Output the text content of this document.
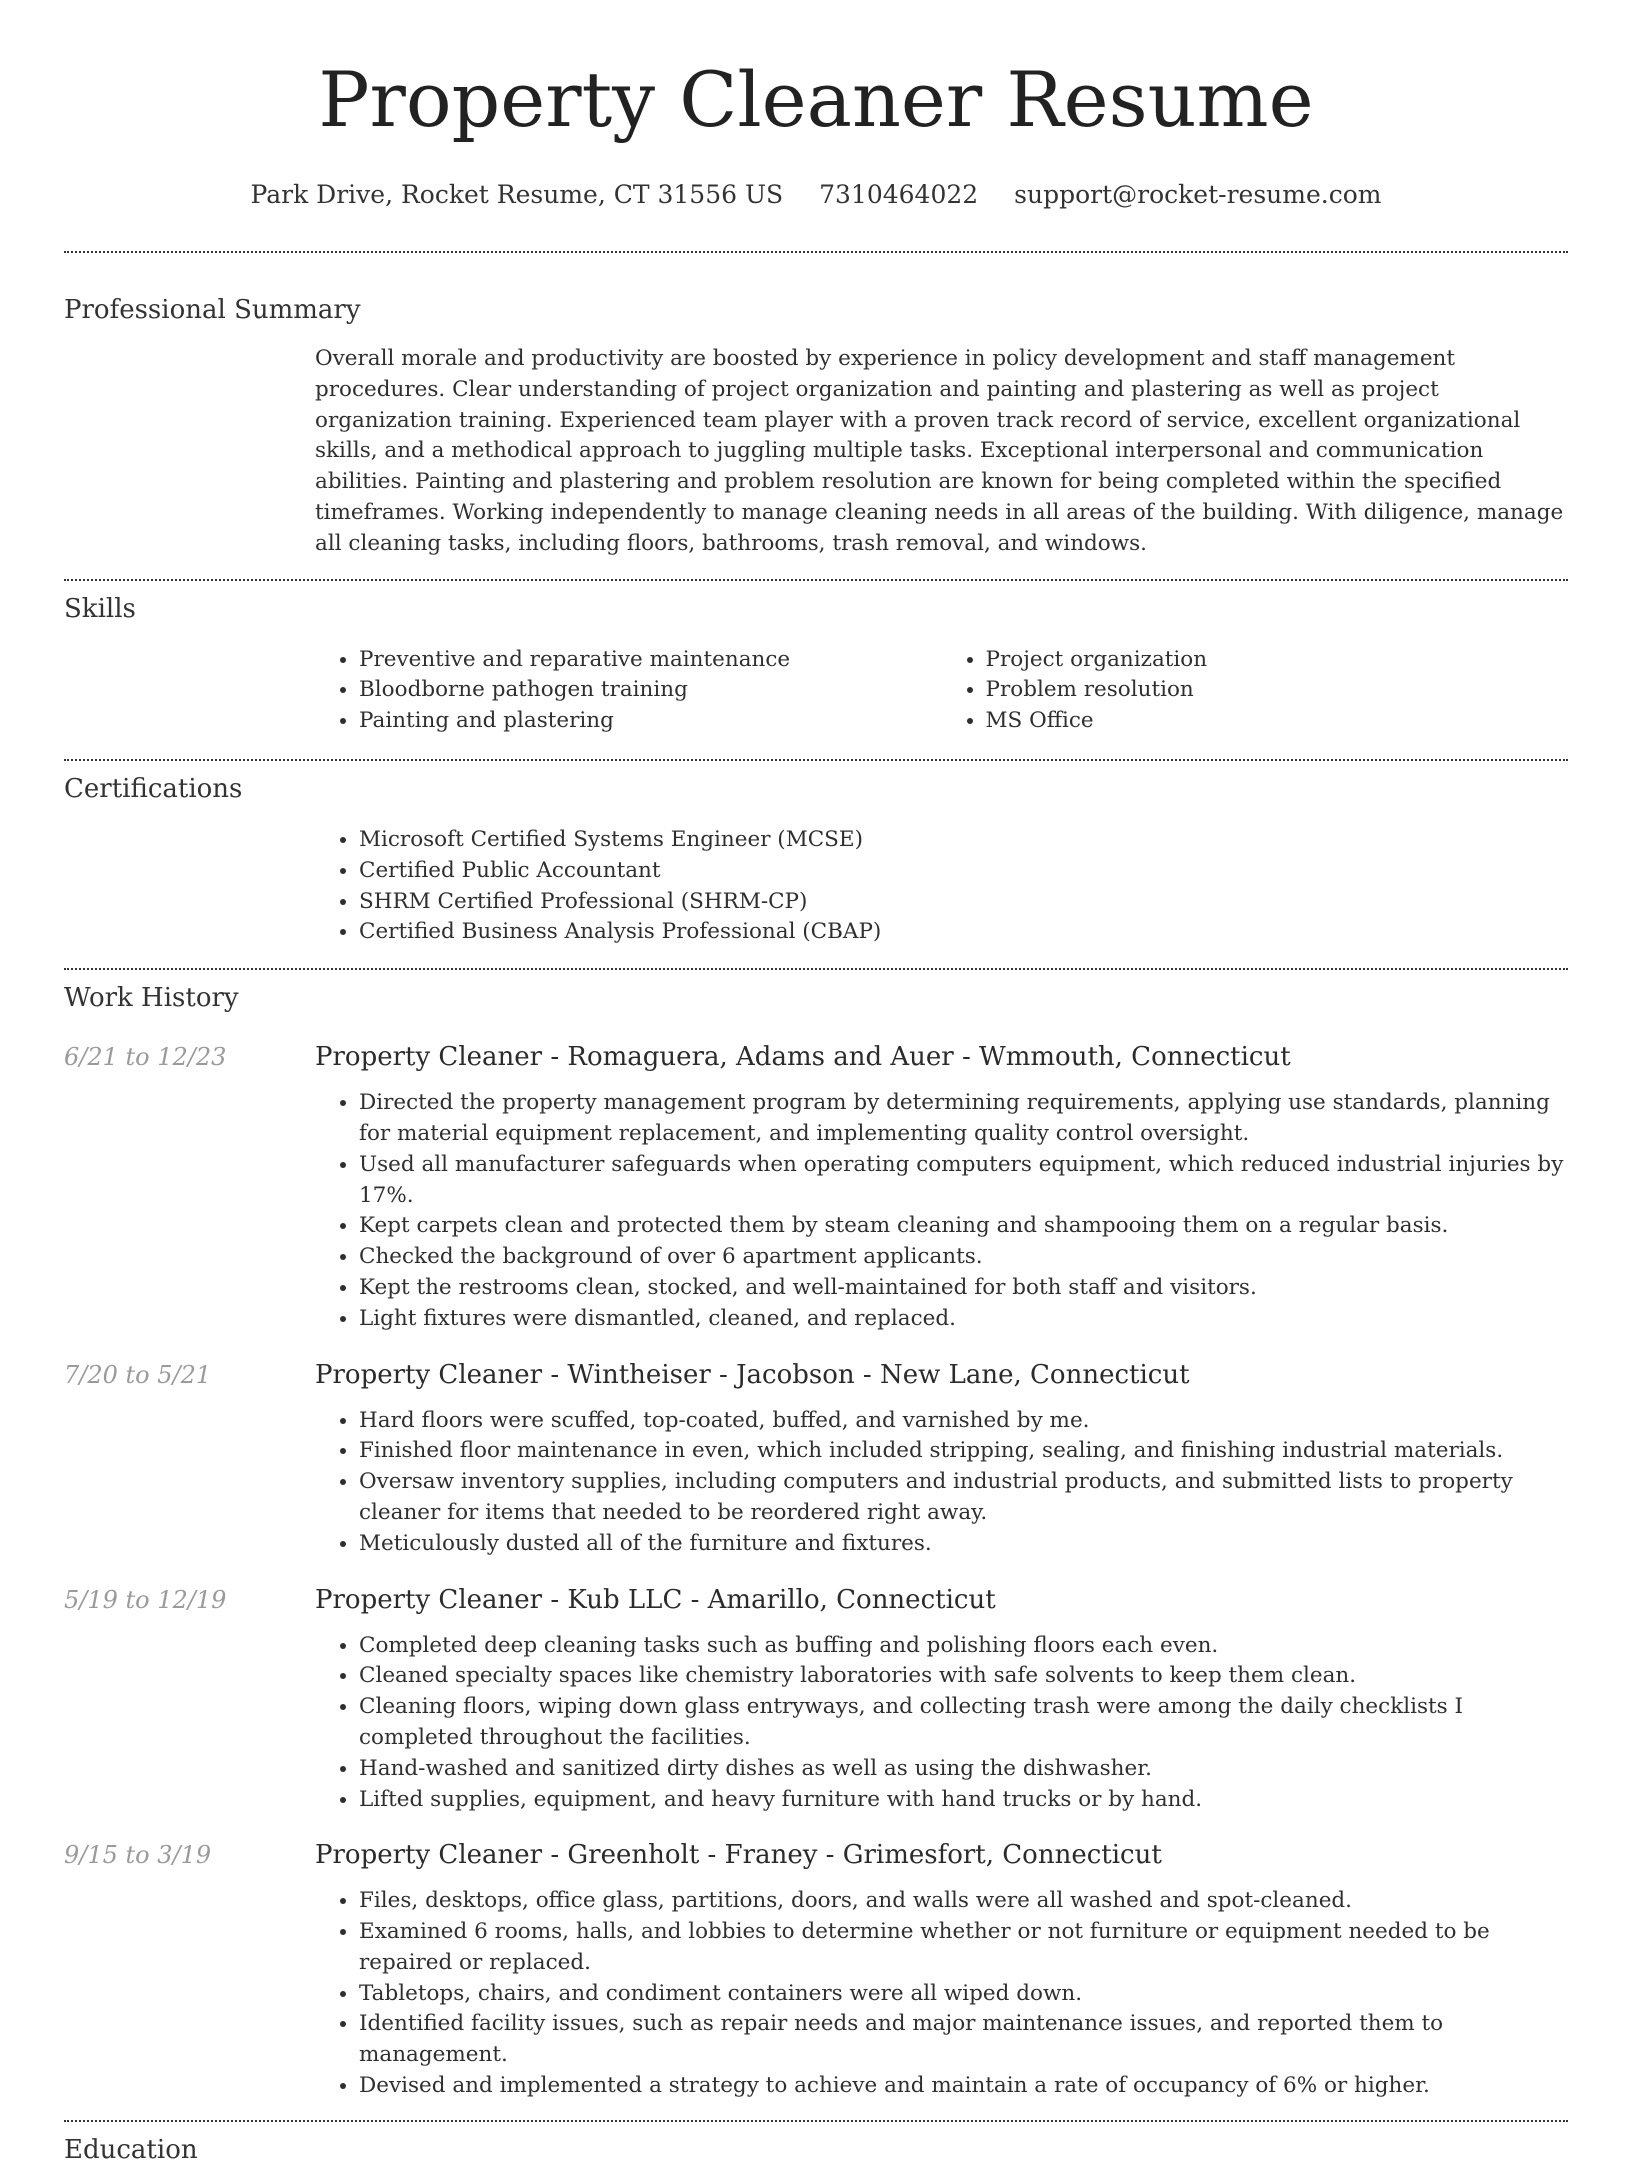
Property Cleaner Resume
Park Drive, Rocket Resume, CT 31556 US 7310464022 support@rocket-resume.com
Professional Summary
Overall morale and productivity are boosted by experience in policy development and staff management procedures. Clear understanding of project organization and painting and plastering as well as project organization training. Experienced team player with a proven track record of service, excellent organizational skills, and a methodical approach to juggling multiple tasks. Exceptional interpersonal and communication abilities. Painting and plastering and problem resolution are known for being completed within the specified timeframes. Working independently to manage cleaning needs in all areas of the building. With diligence, manage all cleaning tasks, including floors, bathrooms, trash removal, and windows.
Skills
• Preventive and reparative maintenance
• Bloodborne pathogen training
• Painting and plastering
• Project organization
• Problem resolution
• MS Office
Certifications
• Microsoft Certified Systems Engineer (MCSE)
• Certified Public Accountant
• SHRM Certified Professional (SHRM-CP)
• Certified Business Analysis Professional (CBAP)
Work History
6/21 to 12/23	Property Cleaner - Romaguera, Adams and Auer - Wmmouth, Connecticut
• Directed the property management program by determining requirements, applying use standards, planning for material equipment replacement, and implementing quality control oversight.
• Used all manufacturer safeguards when operating computers equipment, which reduced industrial injuries by 17%.
• Kept carpets clean and protected them by steam cleaning and shampooing them on a regular basis.
• Checked the background of over 6 apartment applicants.
• Kept the restrooms clean, stocked, and well-maintained for both staff and visitors.
• Light fixtures were dismantled, cleaned, and replaced.
7/20 to 5/21	Property Cleaner - Wintheiser - Jacobson - New Lane, Connecticut
• Hard floors were scuffed, top-coated, buffed, and varnished by me.
• Finished floor maintenance in even, which included stripping, sealing, and finishing industrial materials.
• Oversaw inventory supplies, including computers and industrial products, and submitted lists to property cleaner for items that needed to be reordered right away.
• Meticulously dusted all of the furniture and fixtures.
5/19 to 12/19	Property Cleaner - Kub LLC - Amarillo, Connecticut
• Completed deep cleaning tasks such as buffing and polishing floors each even.
• Cleaned specialty spaces like chemistry laboratories with safe solvents to keep them clean.
• Cleaning floors, wiping down glass entryways, and collecting trash were among the daily checklists I completed throughout the facilities.
• Hand-washed and sanitized dirty dishes as well as using the dishwasher.
• Lifted supplies, equipment, and heavy furniture with hand trucks or by hand.
9/15 to 3/19	Property Cleaner - Greenholt - Franey - Grimesfort, Connecticut
• Files, desktops, office glass, partitions, doors, and walls were all washed and spot-cleaned.
• Examined 6 rooms, halls, and lobbies to determine whether or not furniture or equipment needed to be repaired or replaced.
• Tabletops, chairs, and condiment containers were all wiped down.
• Identified facility issues, such as repair needs and major maintenance issues, and reported them to management.
• Devised and implemented a strategy to achieve and maintain a rate of occupancy of 6% or higher.
Education
